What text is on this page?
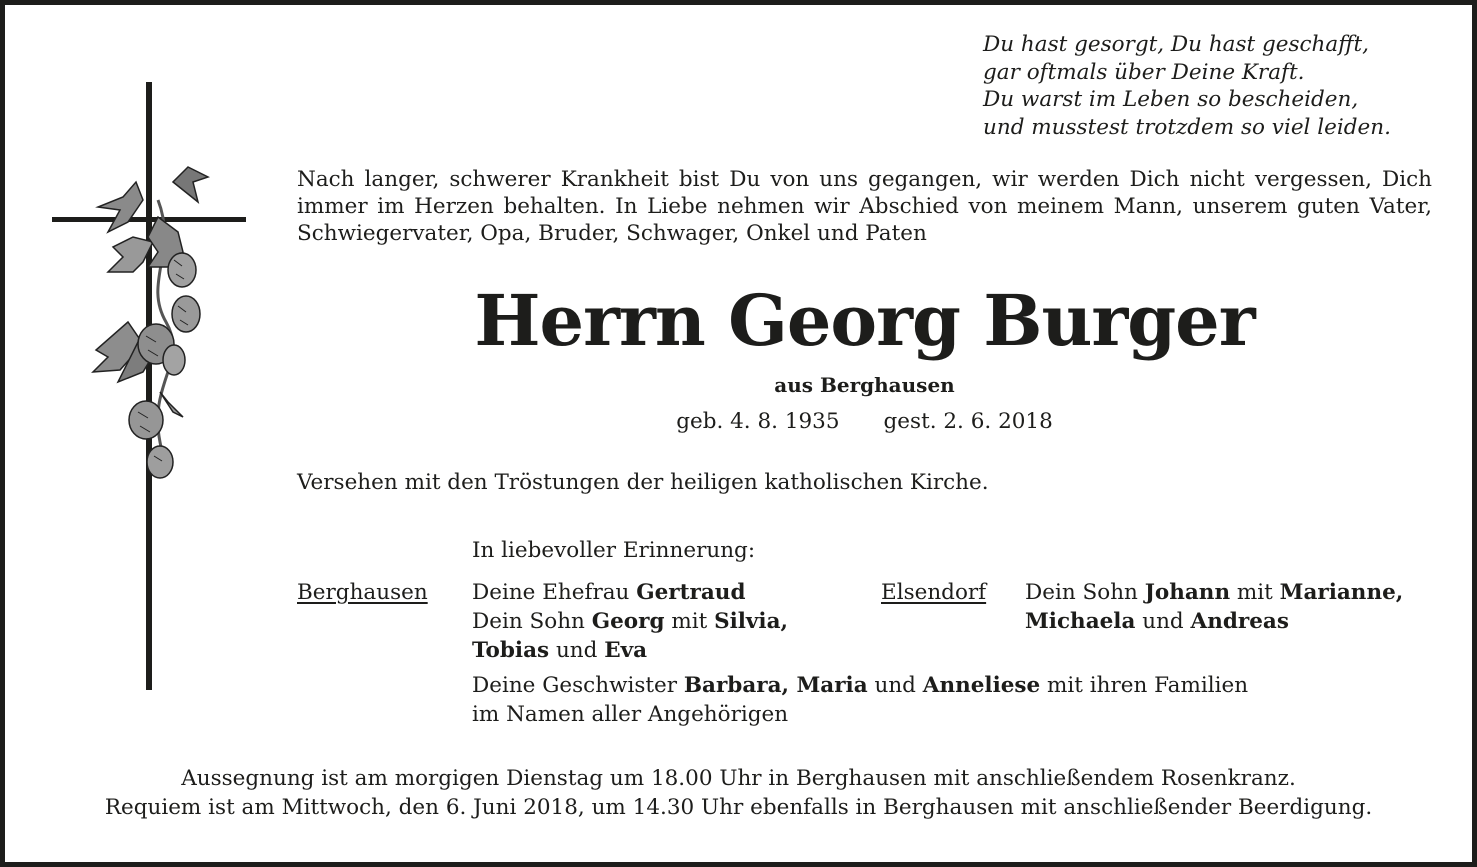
Du hast gesorgt, Du hast geschafft,
gar oftmals über Deine Kraft.
Du warst im Leben so bescheiden,
und musstest trotzdem so viel leiden.
Nach langer, schwerer Krankheit bist Du von uns gegangen, wir werden Dich nicht vergessen, Dich immer im Herzen behalten. In Liebe nehmen wir Abschied von meinem Mann, unserem guten Vater, Schwiegervater, Opa, Bruder, Schwager, Onkel und Paten
Herrn Georg Burger
aus Berghausen
geb. 4. 8. 1935 gest. 2. 6. 2018
Versehen mit den Tröstungen der heiligen katholischen Kirche.
In liebevoller Erinnerung:
Berghausen Deine Ehefrau Gertraud
Dein Sohn Georg mit Silvia,
Tobias und Eva
Elsendorf Dein Sohn Johann mit Marianne,
Michaela und Andreas
Deine Geschwister Barbara, Maria und Anneliese mit ihren Familien
im Namen aller Angehörigen
Aussegnung ist am morgigen Dienstag um 18.00 Uhr in Berghausen mit anschließendem Rosenkranz.
Requiem ist am Mittwoch, den 6. Juni 2018, um 14.30 Uhr ebenfalls in Berghausen mit anschließender Beerdigung.
